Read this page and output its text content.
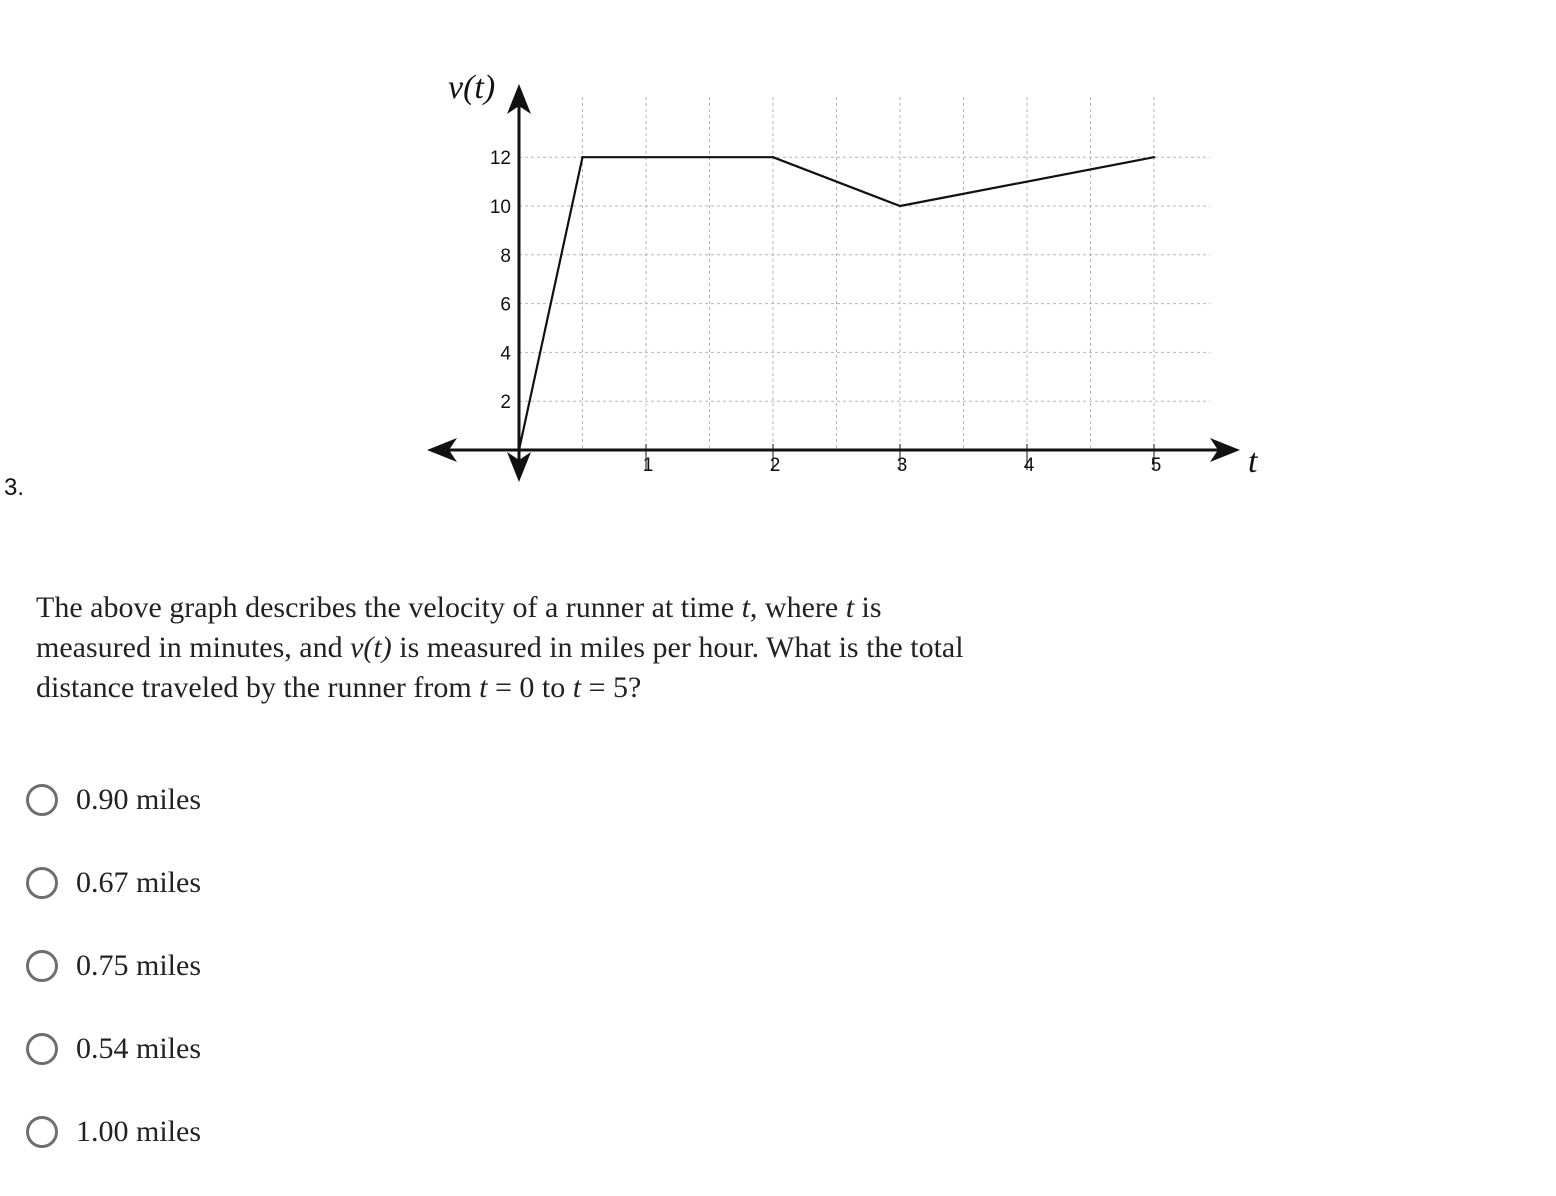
3.
1	2	3	4	5
2
4
6
8
10
12
v(t)
t
The above graph describes the velocity of a runner at time t, where t is measured in minutes, and v(t) is measured in miles per hour. What is the total distance traveled by the runner from t = 0 to t = 5?
0.90 miles
0.67 miles
0.75 miles
0.54 miles
1.00 miles
